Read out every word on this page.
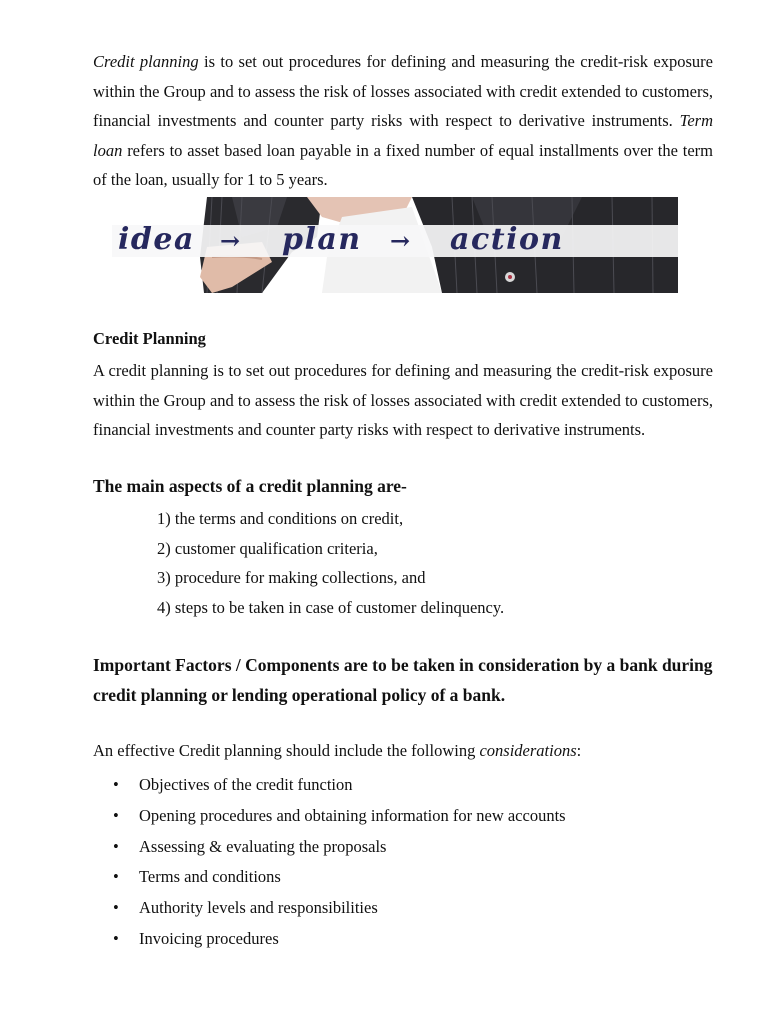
Credit planning is to set out procedures for defining and measuring the credit-risk exposure within the Group and to assess the risk of losses associated with credit extended to customers, financial investments and counter party risks with respect to derivative instruments. Term loan refers to asset based loan payable in a fixed number of equal installments over the term of the loan, usually for 1 to 5 years.

idea → plan → action

Credit Planning

A credit planning is to set out procedures for defining and measuring the credit-risk exposure within the Group and to assess the risk of losses associated with credit extended to customers, financial investments and counter party risks with respect to derivative instruments.

The main aspects of a credit planning are-

1) the terms and conditions on credit,
2) customer qualification criteria,
3) procedure for making collections, and
4) steps to be taken in case of customer delinquency.

Important Factors / Components are to be taken in consideration by a bank during credit planning or lending operational policy of a bank.

An effective Credit planning should include the following considerations:

• Objectives of the credit function
• Opening procedures and obtaining information for new accounts
• Assessing & evaluating the proposals
• Terms and conditions
• Authority levels and responsibilities
• Invoicing procedures
